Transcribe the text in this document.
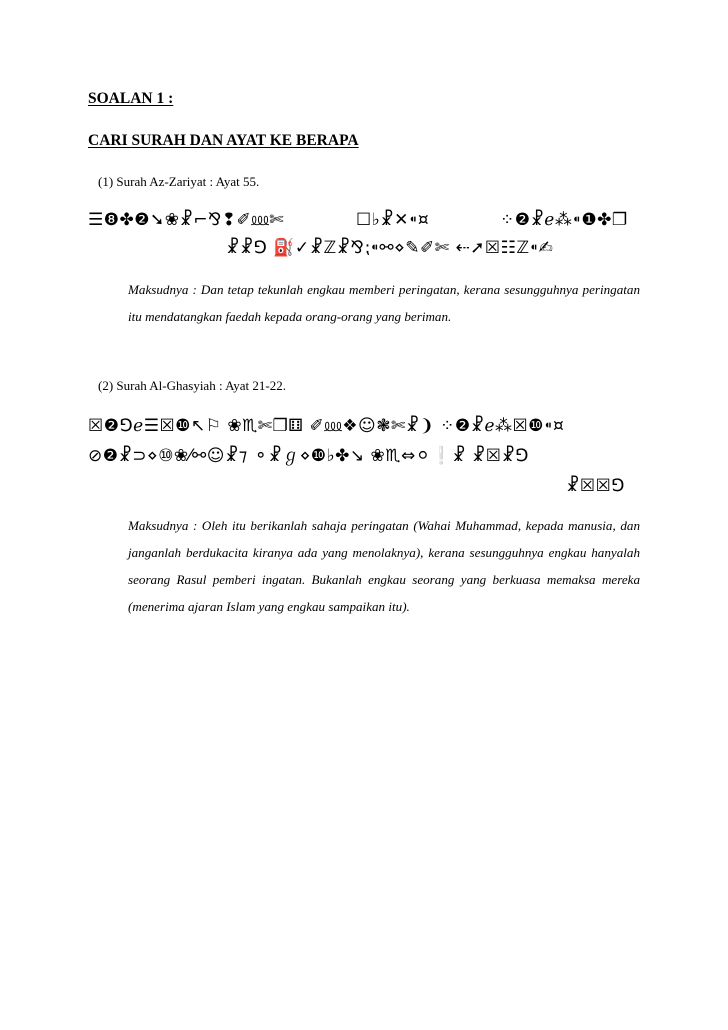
SOALAN 1 :
CARI SURAH DAN AYAT KE BERAPA
(1) Surah Az-Zariyat : Ayat 55.
☰❽✤❷➘❀☧⌐⅋❢✐⅏✄	☐♭☧✕⁌¤	⁘❷☧ℯ⁂⁌❶✤❐
☧☧⅁ ⛽✓☧ℤ☧⅋⁏⁌⚯⋄✎✐✄ ⇠➚☒☷ℤ⁌✍

Maksudnya : Dan tetap tekunlah engkau memberi peringatan, kerana sesungguhnya peringatan itu mendatangkan faedah kepada orang-orang yang beriman.

(2) Surah Al-Ghasyiah : Ayat 21-22.
☒❷⅁ℯ☰☒❿↖⚐ ❀♏✄❐⚅ ✐⅏❖☺❃✄☧❩ ⁘❷☧ℯ⁂☒❿⁌¤
⊘❷☧⊃⋄⑩❀⁄⚯☺☧⁊ ⚬☧ℊ⋄❿♭✤↘ ❀♏⇔⚪❕☧ ☧☒☧⅁
☧☒☒⅁

Maksudnya : Oleh itu berikanlah sahaja peringatan (Wahai Muhammad, kepada manusia, dan janganlah berdukacita kiranya ada yang menolaknya), kerana sesungguhnya engkau hanyalah seorang Rasul pemberi ingatan. Bukanlah engkau seorang yang berkuasa memaksa mereka (menerima ajaran Islam yang engkau sampaikan itu).
